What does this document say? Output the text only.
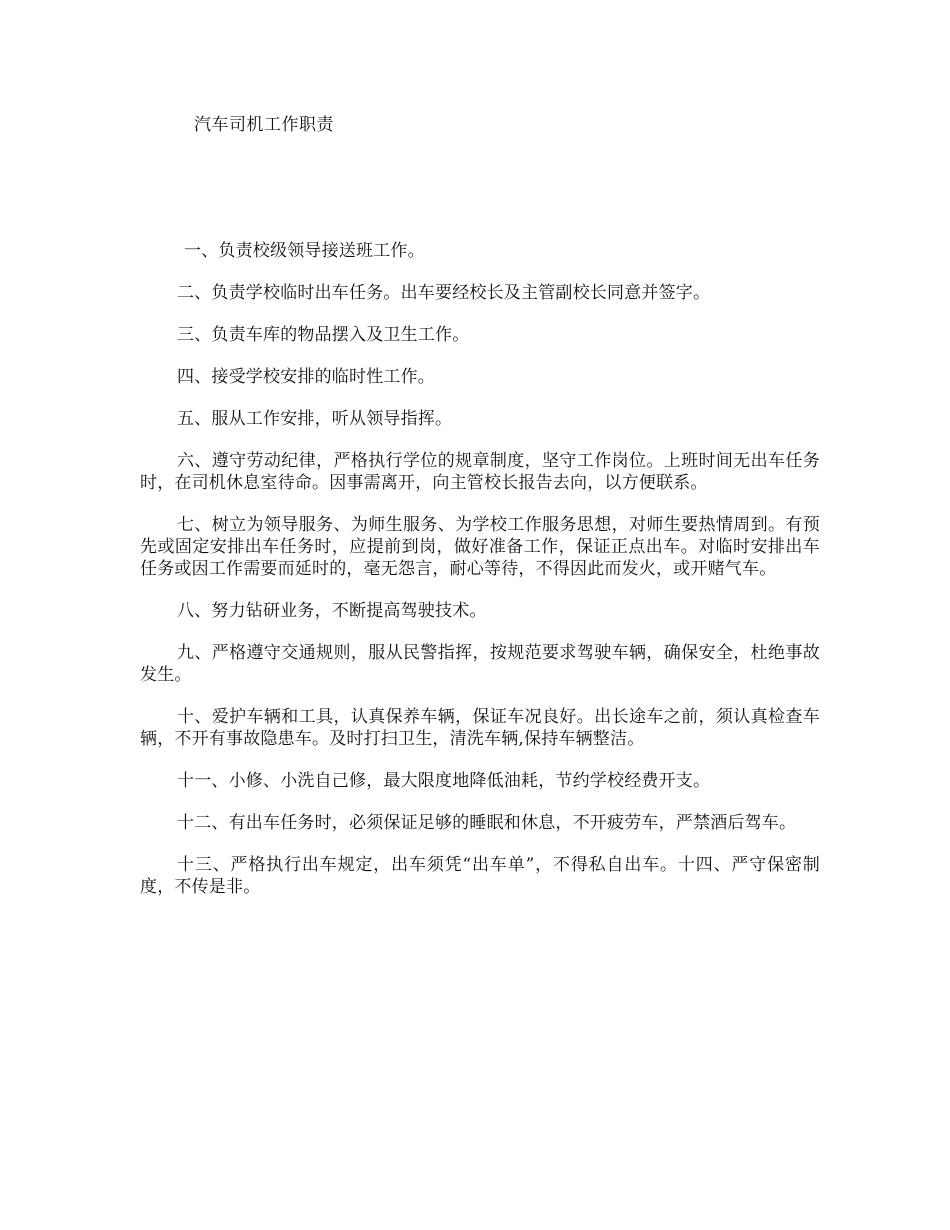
汽车司机工作职责

一、负责校级领导接送班工作。

二、负责学校临时出车任务。出车要经校长及主管副校长同意并签字。

三、负责车库的物品摆入及卫生工作。

四、接受学校安排的临时性工作。

五、服从工作安排，听从领导指挥。

六、遵守劳动纪律，严格执行学位的规章制度，坚守工作岗位。上班时间无出车任务时，在司机休息室待命。因事需离开，向主管校长报告去向，以方便联系。

七、树立为领导服务、为师生服务、为学校工作服务思想，对师生要热情周到。有预先或固定安排出车任务时，应提前到岗，做好准备工作，保证正点出车。对临时安排出车任务或因工作需要而延时的，毫无怨言，耐心等待，不得因此而发火，或开赌气车。

八、努力钻研业务，不断提高驾驶技术。

九、严格遵守交通规则，服从民警指挥，按规范要求驾驶车辆，确保安全，杜绝事故发生。

十、爱护车辆和工具，认真保养车辆，保证车况良好。出长途车之前，须认真检查车辆，不开有事故隐患车。及时打扫卫生，清洗车辆,保持车辆整洁。

十一、小修、小洗自己修，最大限度地降低油耗，节约学校经费开支。

十二、有出车任务时，必须保证足够的睡眠和休息，不开疲劳车，严禁酒后驾车。

十三、严格执行出车规定，出车须凭“出车单”，不得私自出车。十四、严守保密制度，不传是非。
